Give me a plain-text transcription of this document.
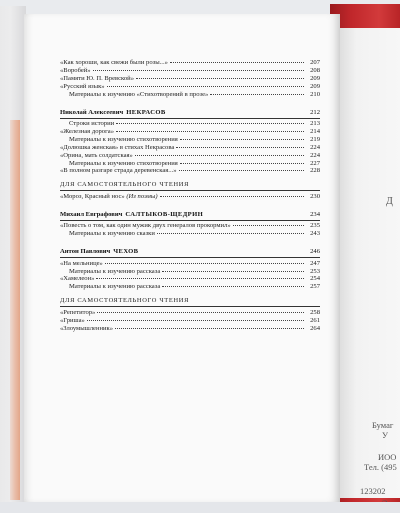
Д
Бумаг
У
ИОО
Тел. (495
123202
«Как хороши, как свежи были розы...»	207
«Воробей»	208
«Памяти Ю. П. Вревской»	209
«Русский язык»	209
Материалы к изучению «Стихотворений в прозе»	210
Николай Алексеевич НЕКРАСОВ	212
Строки истории	213
«Железная дорога»	214
Материалы к изучению стихотворения	219
«Долюшка женская» в стихах Некрасова	224
«Орина, мать солдатская»	224
Материалы к изучению стихотворения	227
«В полном разгаре страда деревенская...»	228
ДЛЯ САМОСТОЯТЕЛЬНОГО ЧТЕНИЯ
«Мороз, Красный нос» (Из поэмы)	230
Михаил Евграфович САЛТЫКОВ-ЩЕДРИН	234
«Повесть о том, как один мужик двух генералов прокормил»	235
Материалы к изучению сказки	243
Антон Павлович ЧЕХОВ	246
«На мельнице»	247
Материалы к изучению рассказа	253
«Хамелеон»	254
Материалы к изучению рассказа	257
ДЛЯ САМОСТОЯТЕЛЬНОГО ЧТЕНИЯ
«Репетитор»	258
«Гриша»	261
«Злоумышленник»	264
